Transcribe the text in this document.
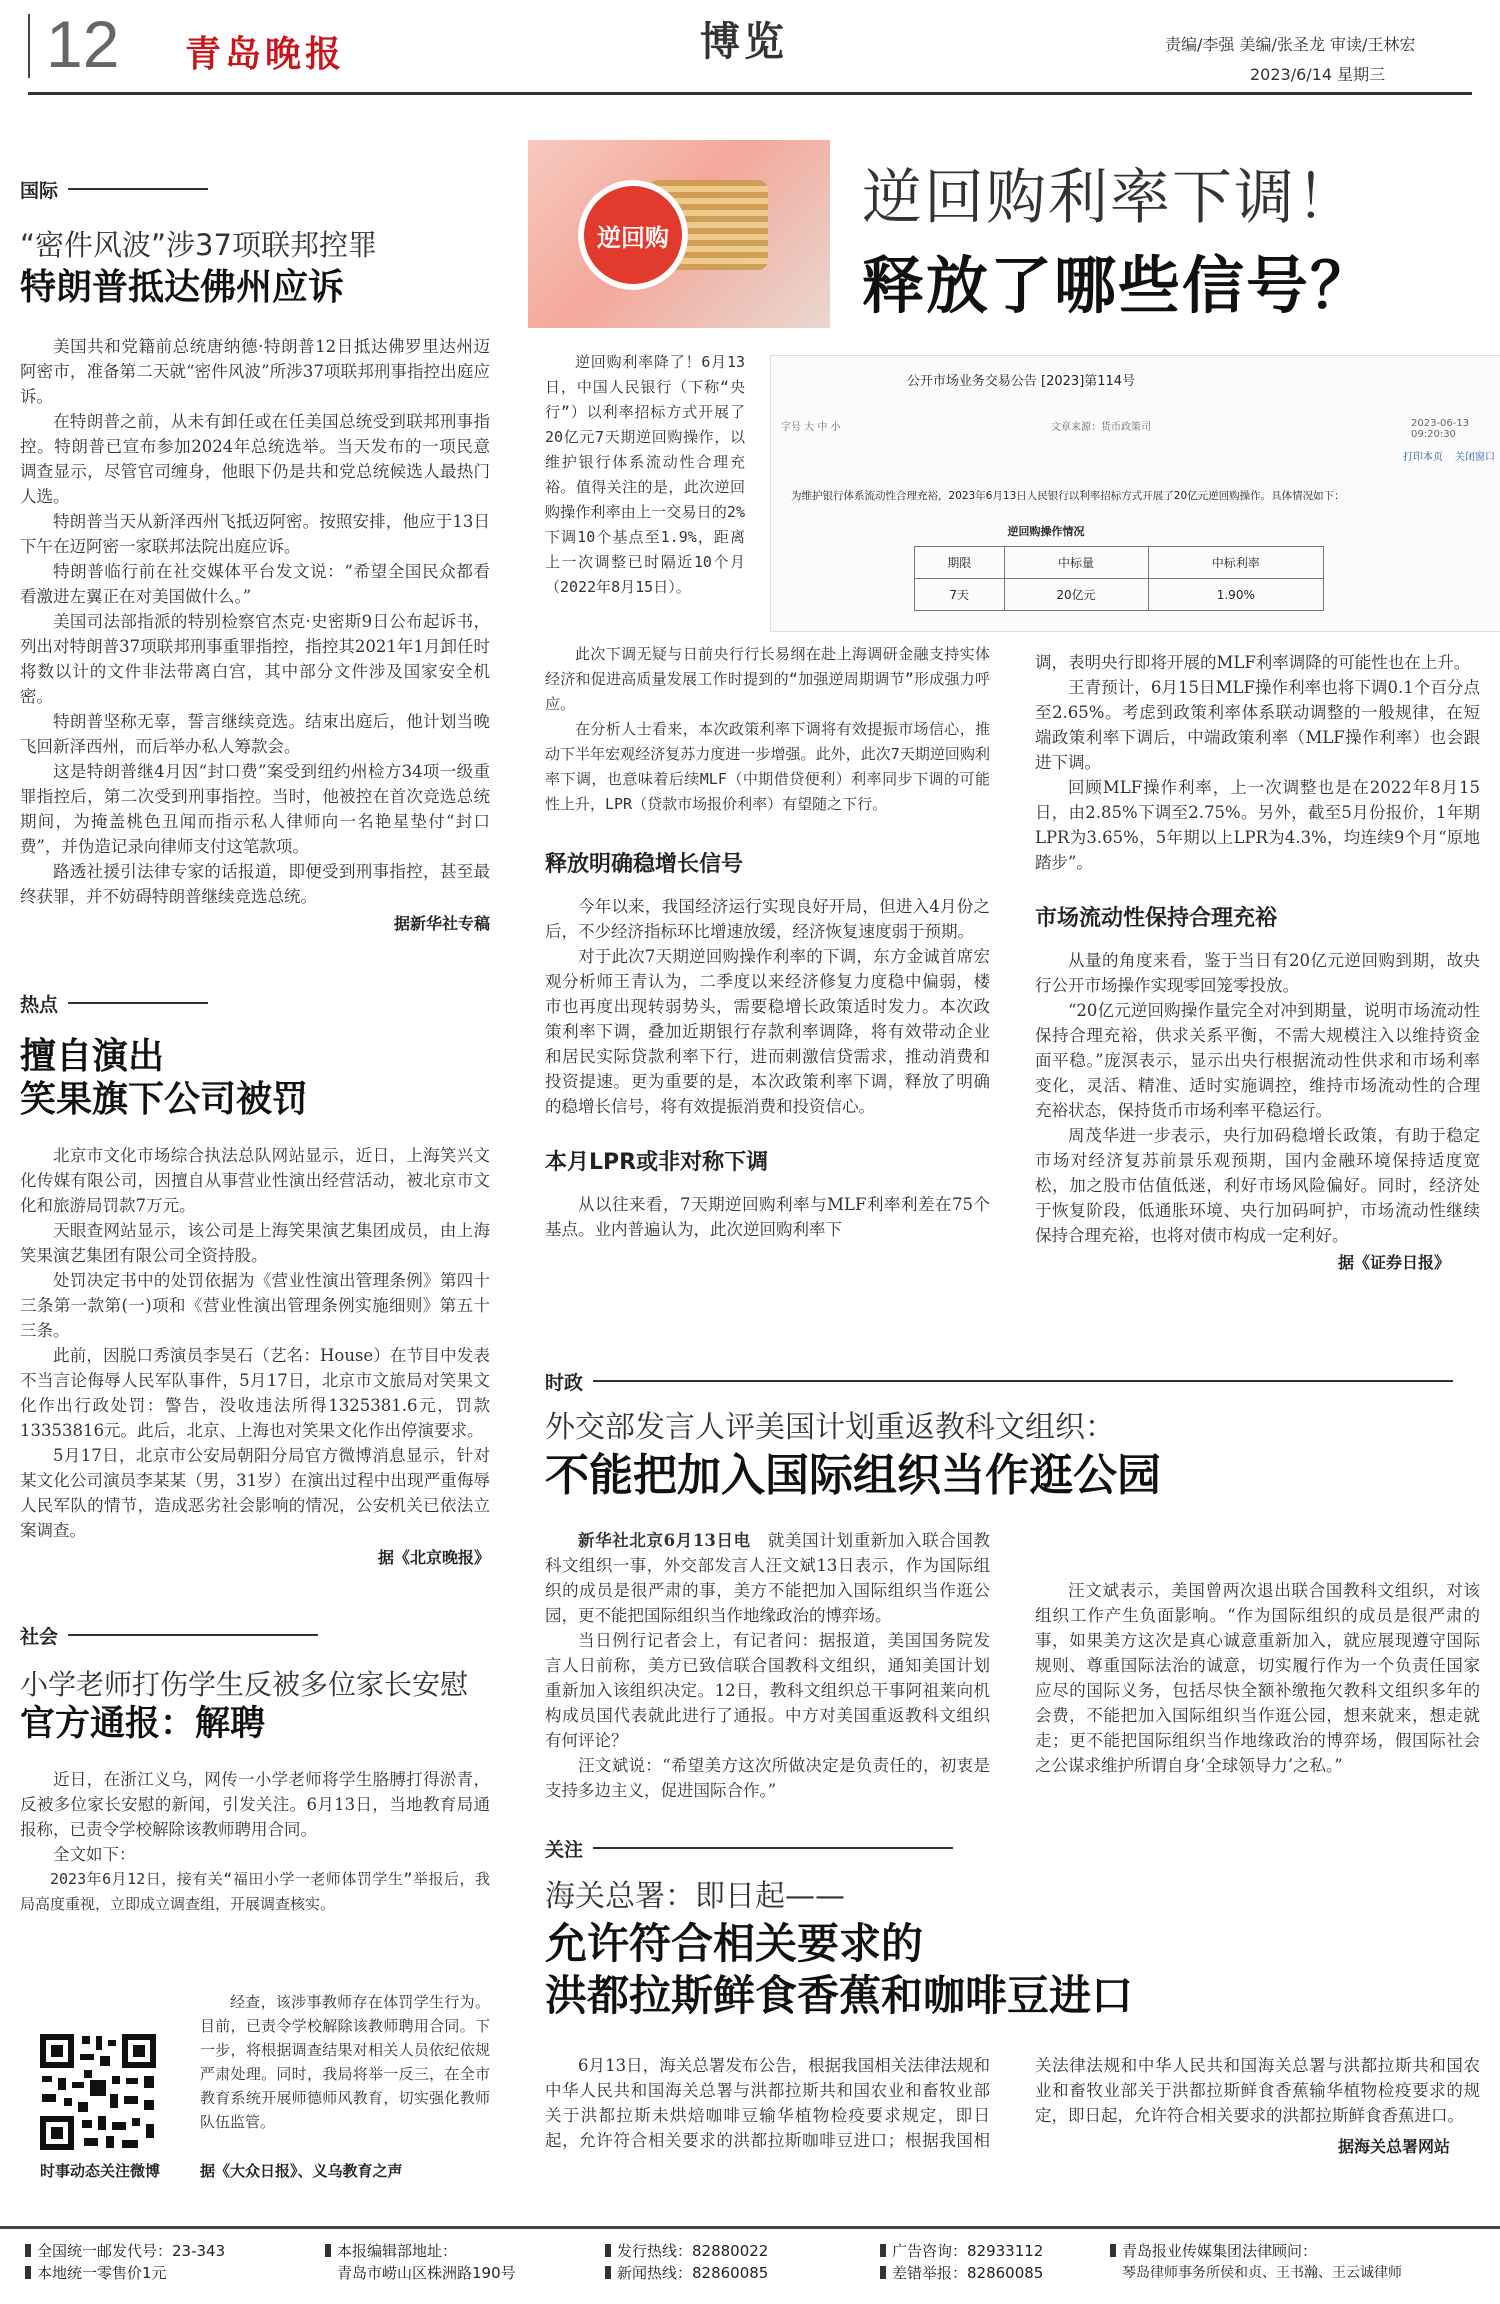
12 青岛晚报	博览	责编/李强 美编/张圣龙 审读/王林宏
2023/6/14 星期三
国际
“密件风波”涉37项联邦控罪
特朗普抵达佛州应诉

美国共和党籍前总统唐纳德·特朗普12日抵达佛罗里达州迈阿密市，准备第二天就“密件风波”所涉37项联邦刑事指控出庭应诉。

在特朗普之前，从未有卸任或在任美国总统受到联邦刑事指控。特朗普已宣布参加2024年总统选举。当天发布的一项民意调查显示，尽管官司缠身，他眼下仍是共和党总统候选人最热门人选。

特朗普当天从新泽西州飞抵迈阿密。按照安排，他应于13日下午在迈阿密一家联邦法院出庭应诉。

特朗普临行前在社交媒体平台发文说：“希望全国民众都看看激进左翼正在对美国做什么。”

美国司法部指派的特别检察官杰克·史密斯9日公布起诉书，列出对特朗普37项联邦刑事重罪指控，指控其2021年1月卸任时将数以计的文件非法带离白宫，其中部分文件涉及国家安全机密。

特朗普坚称无辜，誓言继续竞选。结束出庭后，他计划当晚飞回新泽西州，而后举办私人筹款会。

这是特朗普继4月因“封口费”案受到纽约州检方34项一级重罪指控后，第二次受到刑事指控。当时，他被控在首次竞选总统期间，为掩盖桃色丑闻而指示私人律师向一名艳星垫付“封口费”，并伪造记录向律师支付这笔款项。

路透社援引法律专家的话报道，即便受到刑事指控，甚至最终获罪，并不妨碍特朗普继续竞选总统。

据新华社专稿
热点
擅自演出
笑果旗下公司被罚

北京市文化市场综合执法总队网站显示，近日，上海笑兴文化传媒有限公司，因擅自从事营业性演出经营活动，被北京市文化和旅游局罚款7万元。

天眼查网站显示，该公司是上海笑果演艺集团成员，由上海笑果演艺集团有限公司全资持股。

处罚决定书中的处罚依据为《营业性演出管理条例》第四十三条第一款第(一)项和《营业性演出管理条例实施细则》第五十三条。

此前，因脱口秀演员李昊石（艺名：House）在节目中发表不当言论侮辱人民军队事件，5月17日，北京市文旅局对笑果文化作出行政处罚：警告，没收违法所得1325381.6元，罚款13353816元。此后，北京、上海也对笑果文化作出停演要求。

5月17日，北京市公安局朝阳分局官方微博消息显示，针对某文化公司演员李某某（男，31岁）在演出过程中出现严重侮辱人民军队的情节，造成恶劣社会影响的情况，公安机关已依法立案调查。

据《北京晚报》
社会
小学老师打伤学生反被多位家长安慰
官方通报：解聘

近日，在浙江义乌，网传一小学老师将学生胳膊打得淤青，反被多位家长安慰的新闻，引发关注。6月13日，当地教育局通报称，已责令学校解除该教师聘用合同。

全文如下：

2023年6月12日，接有关“福田小学一老师体罚学生”举报后，我局高度重视，立即成立调查组，开展调查核实。

经查，该涉事教师存在体罚学生行为。目前，已责令学校解除该教师聘用合同。下一步，将根据调查结果对相关人员依纪依规严肃处理。同时，我局将举一反三，在全市教育系统开展师德师风教育，切实强化教师队伍监管。

时事动态关注微博	据《大众日报》、义乌教育之声
逆回购
逆回购利率下调！
释放了哪些信号？

逆回购利率降了！6月13日，中国人民银行（下称“央行”）以利率招标方式开展了20亿元7天期逆回购操作，以维护银行体系流动性合理充裕。值得关注的是，此次逆回购操作利率由上一交易日的2%下调10个基点至1.9%，距离上一次调整已时隔近10个月（2022年8月15日）。

公开市场业务交易公告 [2023]第114号
字号 大 中 小	文章来源：货币政策司	2023-06-13 09:20:30
打印本页 关闭窗口
为维护银行体系流动性合理充裕，2023年6月13日人民银行以利率招标方式开展了20亿元逆回购操作。具体情况如下：
逆回购操作情况
期限	中标量	中标利率
7天	20亿元	1.90%

此次下调无疑与日前央行行长易纲在赴上海调研金融支持实体经济和促进高质量发展工作时提到的“加强逆周期调节”形成强力呼应。

在分析人士看来，本次政策利率下调将有效提振市场信心，推动下半年宏观经济复苏力度进一步增强。此外，此次7天期逆回购利率下调，也意味着后续MLF（中期借贷便利）利率同步下调的可能性上升，LPR（贷款市场报价利率）有望随之下行。

释放明确稳增长信号

今年以来，我国经济运行实现良好开局，但进入4月份之后，不少经济指标环比增速放缓，经济恢复速度弱于预期。

对于此次7天期逆回购操作利率的下调，东方金诚首席宏观分析师王青认为，二季度以来经济修复力度稳中偏弱，楼市也再度出现转弱势头，需要稳增长政策适时发力。本次政策利率下调，叠加近期银行存款利率调降，将有效带动企业和居民实际贷款利率下行，进而刺激信贷需求，推动消费和投资提速。更为重要的是，本次政策利率下调，释放了明确的稳增长信号，将有效提振消费和投资信心。

本月LPR或非对称下调

从以往来看，7天期逆回购利率与MLF利率利差在75个基点。业内普遍认为，此次逆回购利率下

调，表明央行即将开展的MLF利率调降的可能性也在上升。

王青预计，6月15日MLF操作利率也将下调0.1个百分点至2.65%。考虑到政策利率体系联动调整的一般规律，在短端政策利率下调后，中端政策利率（MLF操作利率）也会跟进下调。

回顾MLF操作利率，上一次调整也是在2022年8月15日，由2.85%下调至2.75%。另外，截至5月份报价，1年期LPR为3.65%，5年期以上LPR为4.3%，均连续9个月“原地踏步”。

市场流动性保持合理充裕

从量的角度来看，鉴于当日有20亿元逆回购到期，故央行公开市场操作实现零回笼零投放。

“20亿元逆回购操作量完全对冲到期量，说明市场流动性保持合理充裕，供求关系平衡，不需大规模注入以维持资金面平稳。”庞溟表示，显示出央行根据流动性供求和市场利率变化，灵活、精准、适时实施调控，维持市场流动性的合理充裕状态，保持货币市场利率平稳运行。

周茂华进一步表示，央行加码稳增长政策，有助于稳定市场对经济复苏前景乐观预期，国内金融环境保持适度宽松，加之股市估值低迷，利好市场风险偏好。同时，经济处于恢复阶段，低通胀环境、央行加码呵护，市场流动性继续保持合理充裕，也将对债市构成一定利好。

据《证券日报》
时政
外交部发言人评美国计划重返教科文组织：
不能把加入国际组织当作逛公园

新华社北京6月13日电　 就美国计划重新加入联合国教科文组织一事，外交部发言人汪文斌13日表示，作为国际组织的成员是很严肃的事，美方不能把加入国际组织当作逛公园，更不能把国际组织当作地缘政治的博弈场。

当日例行记者会上，有记者问：据报道，美国国务院发言人日前称，美方已致信联合国教科文组织，通知美国计划重新加入该组织决定。12日，教科文组织总干事阿祖莱向机构成员国代表就此进行了通报。中方对美国重返教科文组织有何评论？

汪文斌说：“希望美方这次所做决定是负责任的，初衷是支持多边主义，促进国际合作。”

汪文斌表示，美国曾两次退出联合国教科文组织，对该组织工作产生负面影响。“作为国际组织的成员是很严肃的事，如果美方这次是真心诚意重新加入，就应展现遵守国际规则、尊重国际法治的诚意，切实履行作为一个负责任国家应尽的国际义务，包括尽快全额补缴拖欠教科文组织多年的会费，不能把加入国际组织当作逛公园，想来就来，想走就走；更不能把国际组织当作地缘政治的博弈场，假国际社会之公谋求维护所谓自身‘全球领导力’之私。”

关注
海关总署：即日起——
允许符合相关要求的
洪都拉斯鲜食香蕉和咖啡豆进口

6月13日，海关总署发布公告，根据我国相关法律法规和中华人民共和国海关总署与洪都拉斯共和国农业和畜牧业部关于洪都拉斯未烘焙咖啡豆输华植物检疫要求规定，即日起，允许符合相关要求的洪都拉斯咖啡豆进口；根据我国相关法律法规和中华人民共和国海关总署与洪都拉斯共和国农业和畜牧业部关于洪都拉斯鲜食香蕉输华植物检疫要求的规定，即日起，允许符合相关要求的洪都拉斯鲜食香蕉进口。

据海关总署网站
全国统一邮发代号：23-343
本地统一零售价1元
本报编辑部地址：
青岛市崂山区株洲路190号
发行热线：82880022
新闻热线：82860085
广告咨询：82933112
差错举报：82860085
青岛报业传媒集团法律顾问：
琴岛律师事务所侯和贞、王书瀚、王云诚律师
